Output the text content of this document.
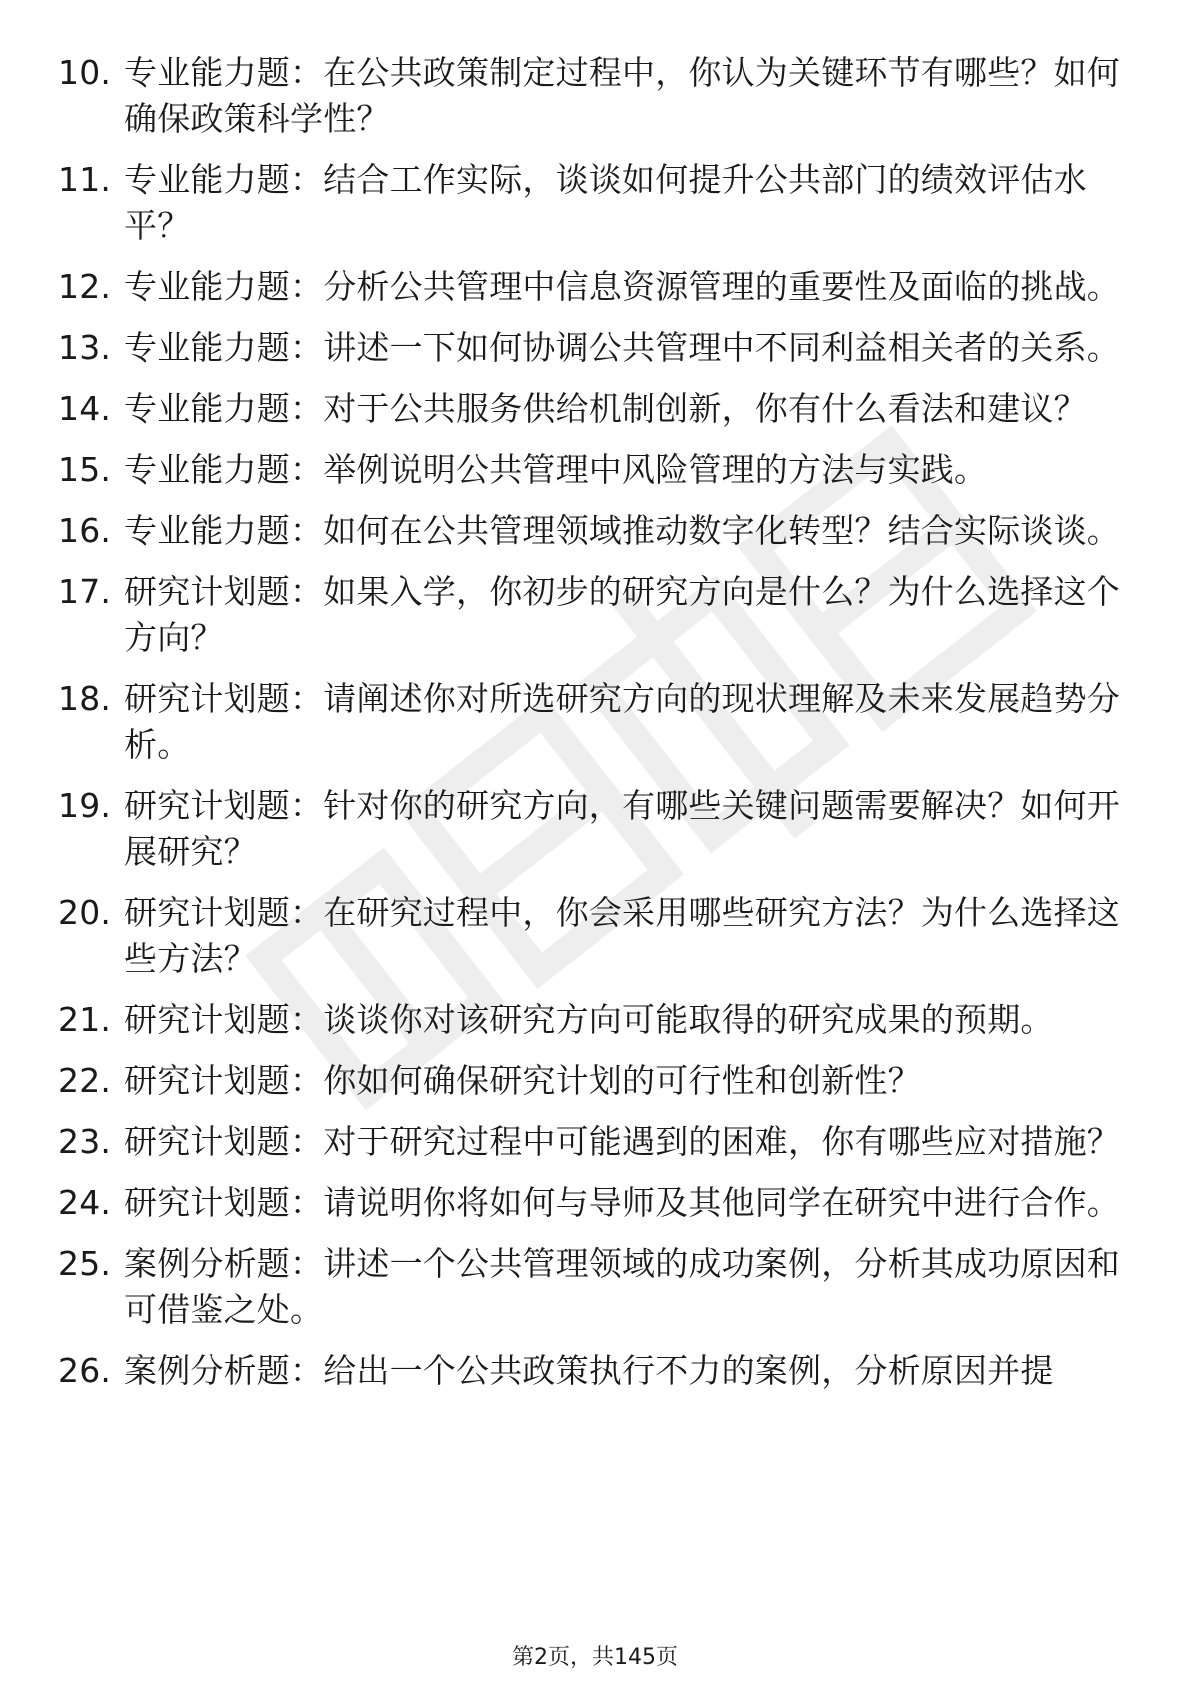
10. 专业能力题：在公共政策制定过程中，你认为关键环节有哪些？如何确保政策科学性？
11. 专业能力题：结合工作实际，谈谈如何提升公共部门的绩效评估水平？
12. 专业能力题：分析公共管理中信息资源管理的重要性及面临的挑战。
13. 专业能力题：讲述一下如何协调公共管理中不同利益相关者的关系。
14. 专业能力题：对于公共服务供给机制创新，你有什么看法和建议？
15. 专业能力题：举例说明公共管理中风险管理的方法与实践。
16. 专业能力题：如何在公共管理领域推动数字化转型？结合实际谈谈。
17. 研究计划题：如果入学，你初步的研究方向是什么？为什么选择这个方向？
18. 研究计划题：请阐述你对所选研究方向的现状理解及未来发展趋势分析。
19. 研究计划题：针对你的研究方向，有哪些关键问题需要解决？如何开展研究？
20. 研究计划题：在研究过程中，你会采用哪些研究方法？为什么选择这些方法？
21. 研究计划题：谈谈你对该研究方向可能取得的研究成果的预期。
22. 研究计划题：你如何确保研究计划的可行性和创新性？
23. 研究计划题：对于研究过程中可能遇到的困难，你有哪些应对措施？
24. 研究计划题：请说明你将如何与导师及其他同学在研究中进行合作。
25. 案例分析题：讲述一个公共管理领域的成功案例，分析其成功原因和可借鉴之处。
26. 案例分析题：给出一个公共政策执行不力的案例，分析原因并提
第2页，共145页
